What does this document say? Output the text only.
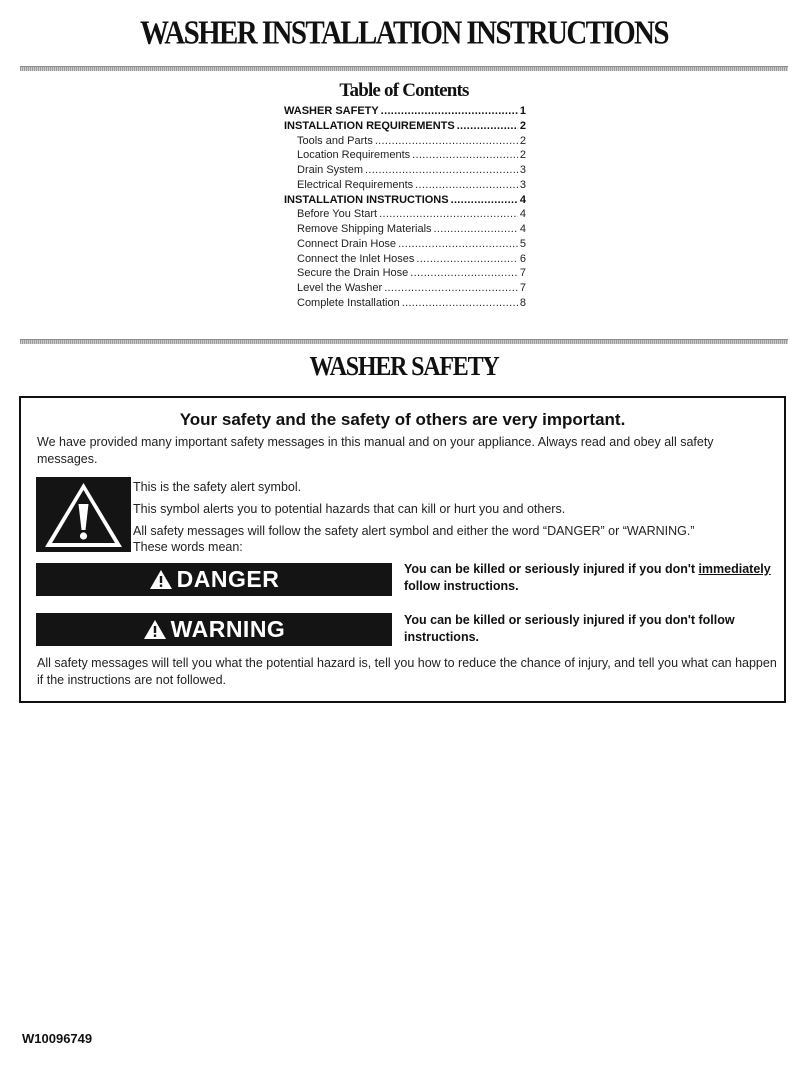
WASHER INSTALLATION INSTRUCTIONS
Table of Contents
WASHER SAFETY .....	1
INSTALLATION REQUIREMENTS .....	2
Tools and Parts .....	2
Location Requirements .....	2
Drain System .....	3
Electrical Requirements .....	3
INSTALLATION INSTRUCTIONS .....	4
Before You Start .....	4
Remove Shipping Materials .....	4
Connect Drain Hose .....	5
Connect the Inlet Hoses .....	6
Secure the Drain Hose .....	7
Level the Washer .....	7
Complete Installation .....	8
WASHER SAFETY
Your safety and the safety of others are very important.
We have provided many important safety messages in this manual and on your appliance. Always read and obey all safety messages.
This is the safety alert symbol.
This symbol alerts you to potential hazards that can kill or hurt you and others.
All safety messages will follow the safety alert symbol and either the word “DANGER” or “WARNING.”
These words mean:
DANGER	You can be killed or seriously injured if you don't immediately follow instructions.
WARNING	You can be killed or seriously injured if you don't follow instructions.
All safety messages will tell you what the potential hazard is, tell you how to reduce the chance of injury, and tell you what can happen if the instructions are not followed.
W10096749
